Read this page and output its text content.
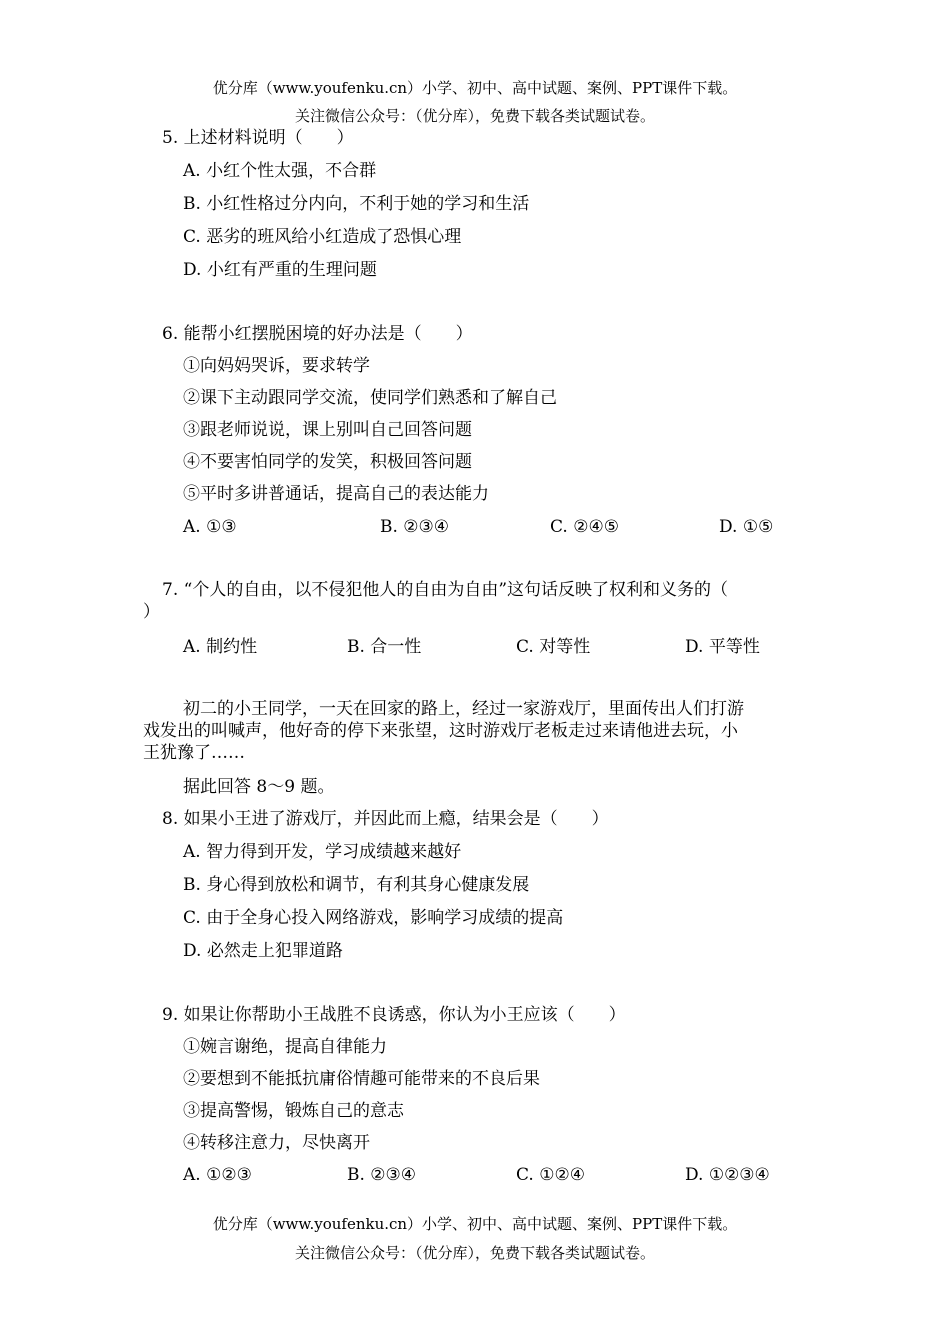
优分库（www.youfenku.cn）小学、初中、高中试题、案例、PPT课件下载。
关注微信公众号：（优分库），免费下载各类试题试卷。
5. 上述材料说明（　　）
A. 小红个性太强，不合群
B. 小红性格过分内向，不利于她的学习和生活
C. 恶劣的班风给小红造成了恐惧心理
D. 小红有严重的生理问题
6. 能帮小红摆脱困境的好办法是（　　）
①向妈妈哭诉，要求转学
②课下主动跟同学交流，使同学们熟悉和了解自己
③跟老师说说，课上别叫自己回答问题
④不要害怕同学的发笑，积极回答问题
⑤平时多讲普通话，提高自己的表达能力
A. ①③	B. ②③④	C. ②④⑤	D. ①⑤
7. “个人的自由，以不侵犯他人的自由为自由”这句话反映了权利和义务的（
）
A. 制约性	B. 合一性	C. 对等性	D. 平等性
初二的小王同学，一天在回家的路上，经过一家游戏厅，里面传出人们打游
戏发出的叫喊声，他好奇的停下来张望，这时游戏厅老板走过来请他进去玩，小
王犹豫了……
据此回答 8～9 题。
8. 如果小王进了游戏厅，并因此而上瘾，结果会是（　　）
A. 智力得到开发，学习成绩越来越好
B. 身心得到放松和调节，有利其身心健康发展
C. 由于全身心投入网络游戏，影响学习成绩的提高
D. 必然走上犯罪道路
9. 如果让你帮助小王战胜不良诱惑，你认为小王应该（　　）
①婉言谢绝，提高自律能力
②要想到不能抵抗庸俗情趣可能带来的不良后果
③提高警惕，锻炼自己的意志
④转移注意力，尽快离开
A. ①②③	B. ②③④	C. ①②④	D. ①②③④
优分库（www.youfenku.cn）小学、初中、高中试题、案例、PPT课件下载。
关注微信公众号：（优分库），免费下载各类试题试卷。
